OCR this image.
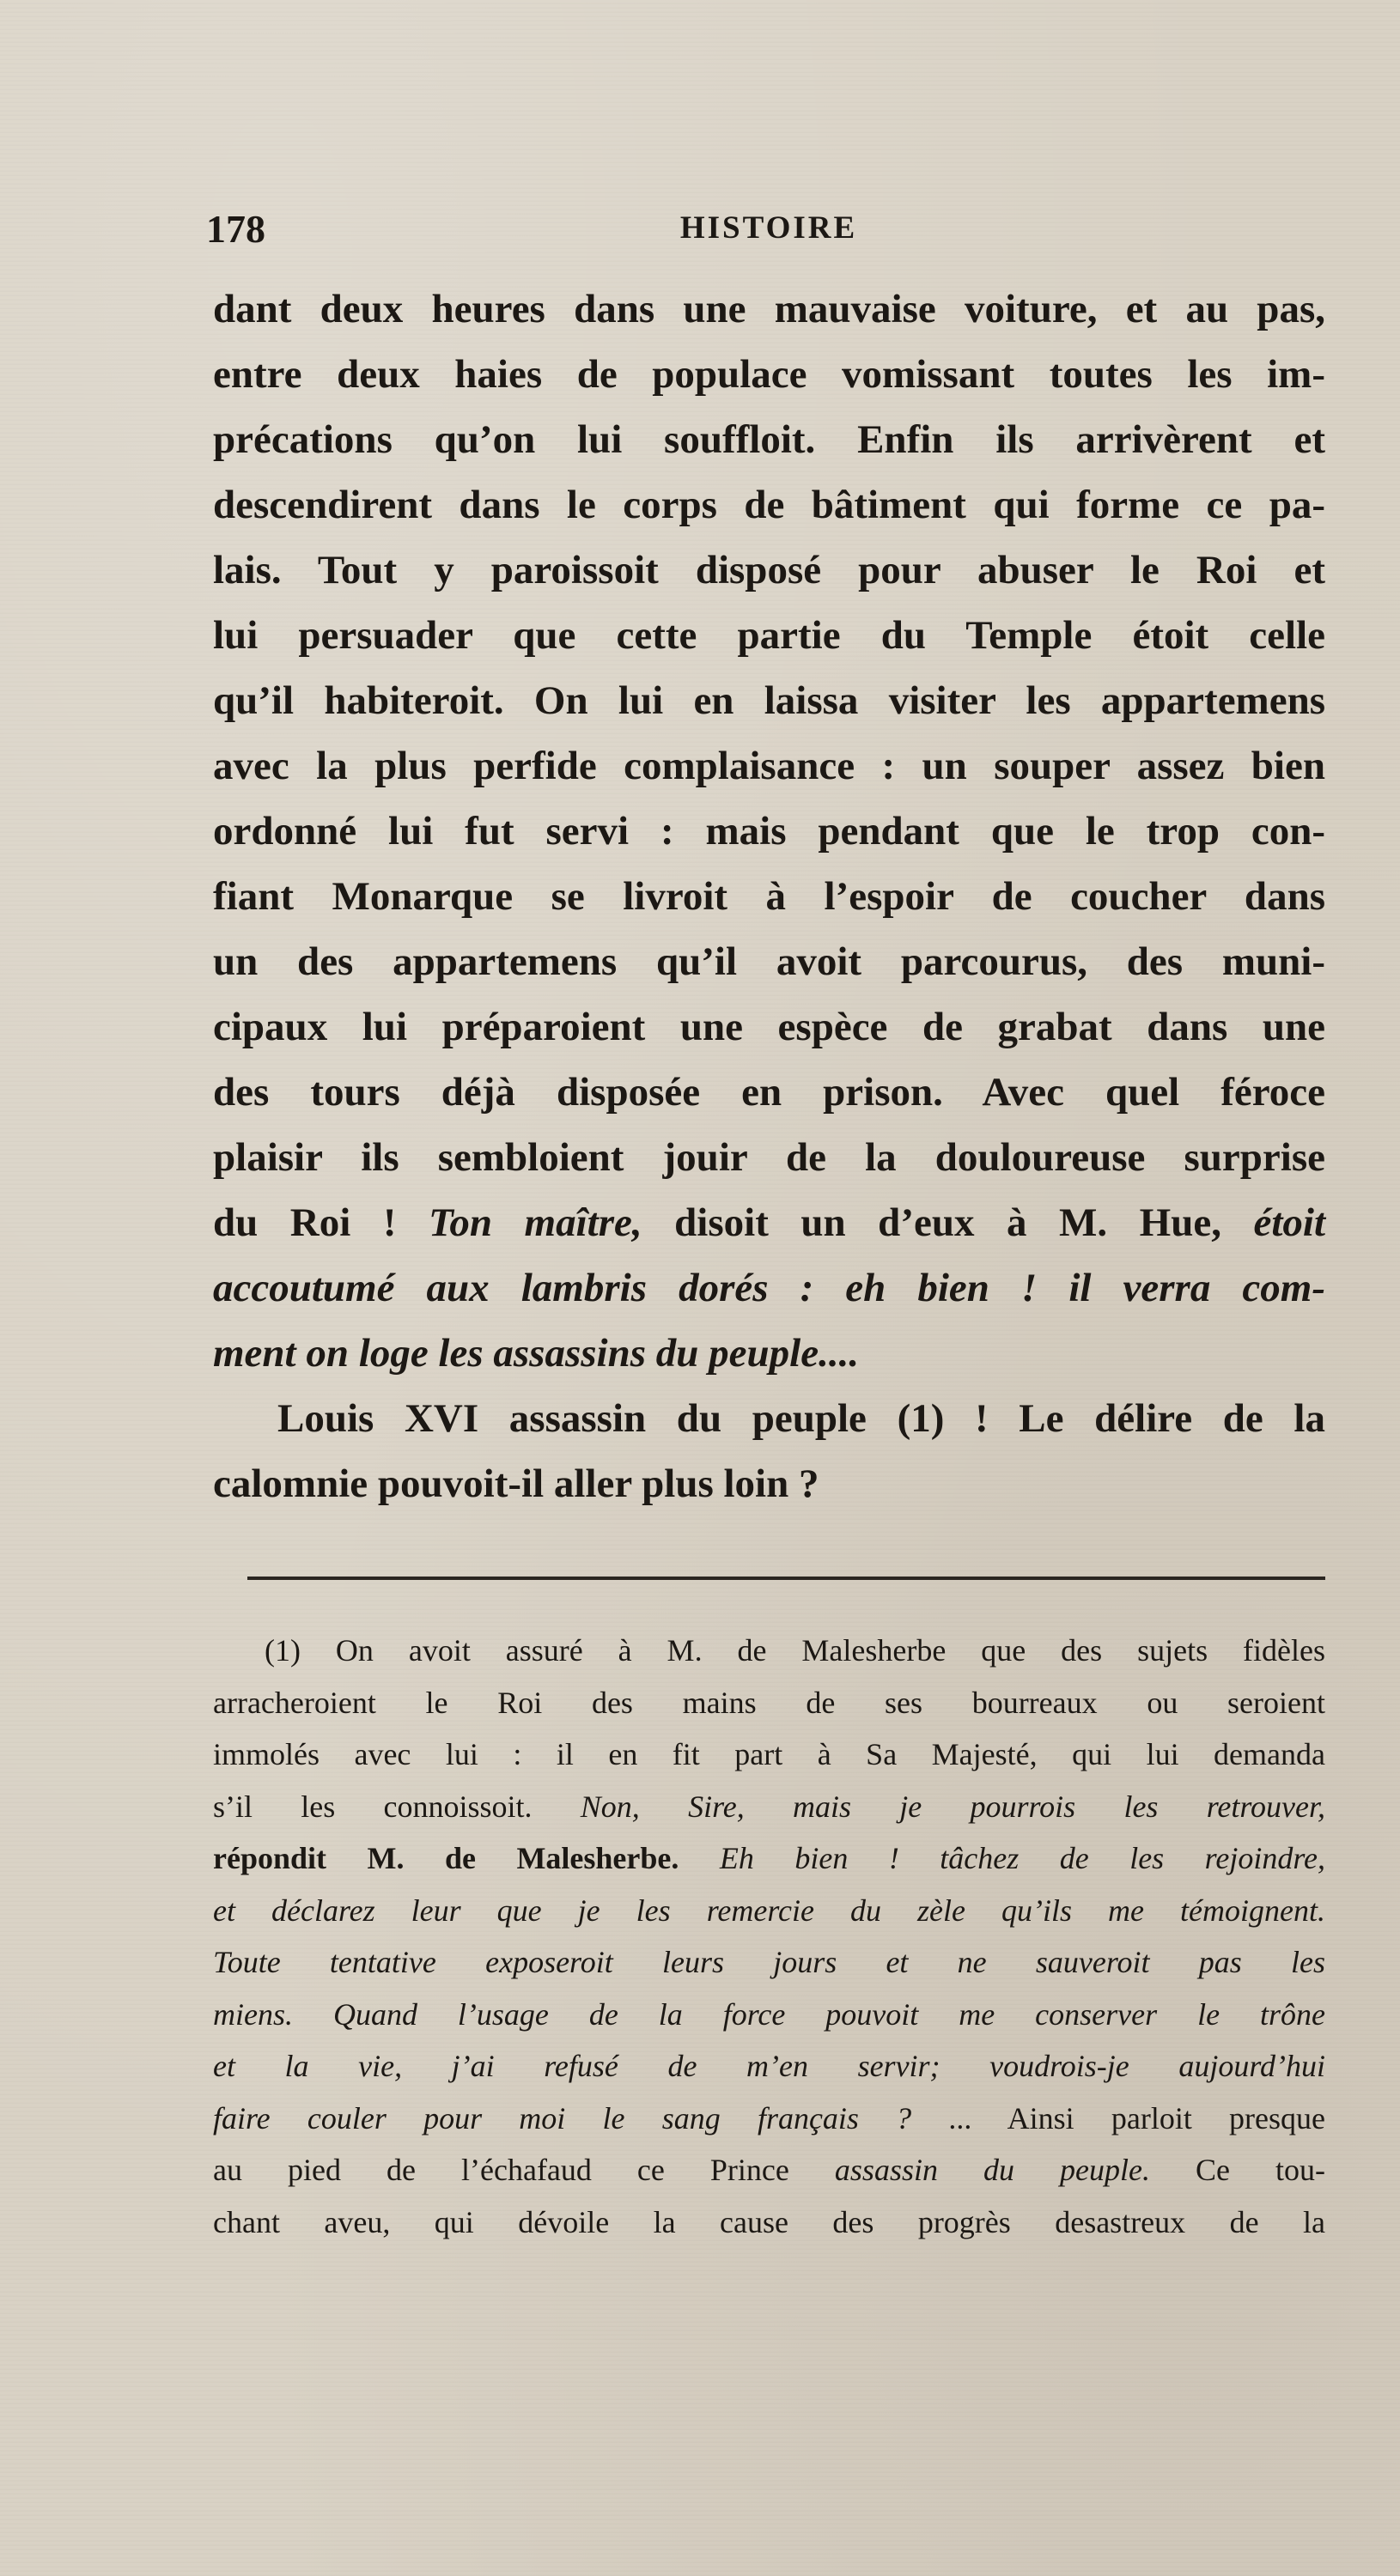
178	HISTOIRE
dant deux heures dans une mauvaise voiture, et au pas,
entre deux haies de populace vomissant toutes les im-
précations qu’on lui souffloit. Enfin ils arrivèrent et
descendirent dans le corps de bâtiment qui forme ce pa-
lais. Tout y paroissoit disposé pour abuser le Roi et
lui persuader que cette partie du Temple étoit celle
qu’il habiteroit. On lui en laissa visiter les appartemens
avec la plus perfide complaisance : un souper assez bien
ordonné lui fut servi : mais pendant que le trop con-
fiant Monarque se livroit à l’espoir de coucher dans
un des appartemens qu’il avoit parcourus, des muni-
cipaux lui préparoient une espèce de grabat dans une
des tours déjà disposée en prison. Avec quel féroce
plaisir ils sembloient jouir de la douloureuse surprise
du Roi ! Ton maître, disoit un d’eux à M. Hue, étoit
accoutumé aux lambris dorés : eh bien ! il verra com-
ment on loge les assassins du peuple....
Louis XVI assassin du peuple (1) ! Le délire de la
calomnie pouvoit-il aller plus loin ?
(1) On avoit assuré à M. de Malesherbe que des sujets fidèles
arracheroient le Roi des mains de ses bourreaux ou seroient
immolés avec lui : il en fit part à Sa Majesté, qui lui demanda
s’il les connoissoit. Non, Sire, mais je pourrois les retrouver,
répondit M. de Malesherbe. Eh bien ! tâchez de les rejoindre,
et déclarez leur que je les remercie du zèle qu’ils me témoignent.
Toute tentative exposeroit leurs jours et ne sauveroit pas les
miens. Quand l’usage de la force pouvoit me conserver le trône
et la vie, j’ai refusé de m’en servir; voudrois-je aujourd’hui
faire couler pour moi le sang français ? ... Ainsi parloit presque
au pied de l’échafaud ce Prince assassin du peuple. Ce tou-
chant aveu, qui dévoile la cause des progrès desastreux de la
